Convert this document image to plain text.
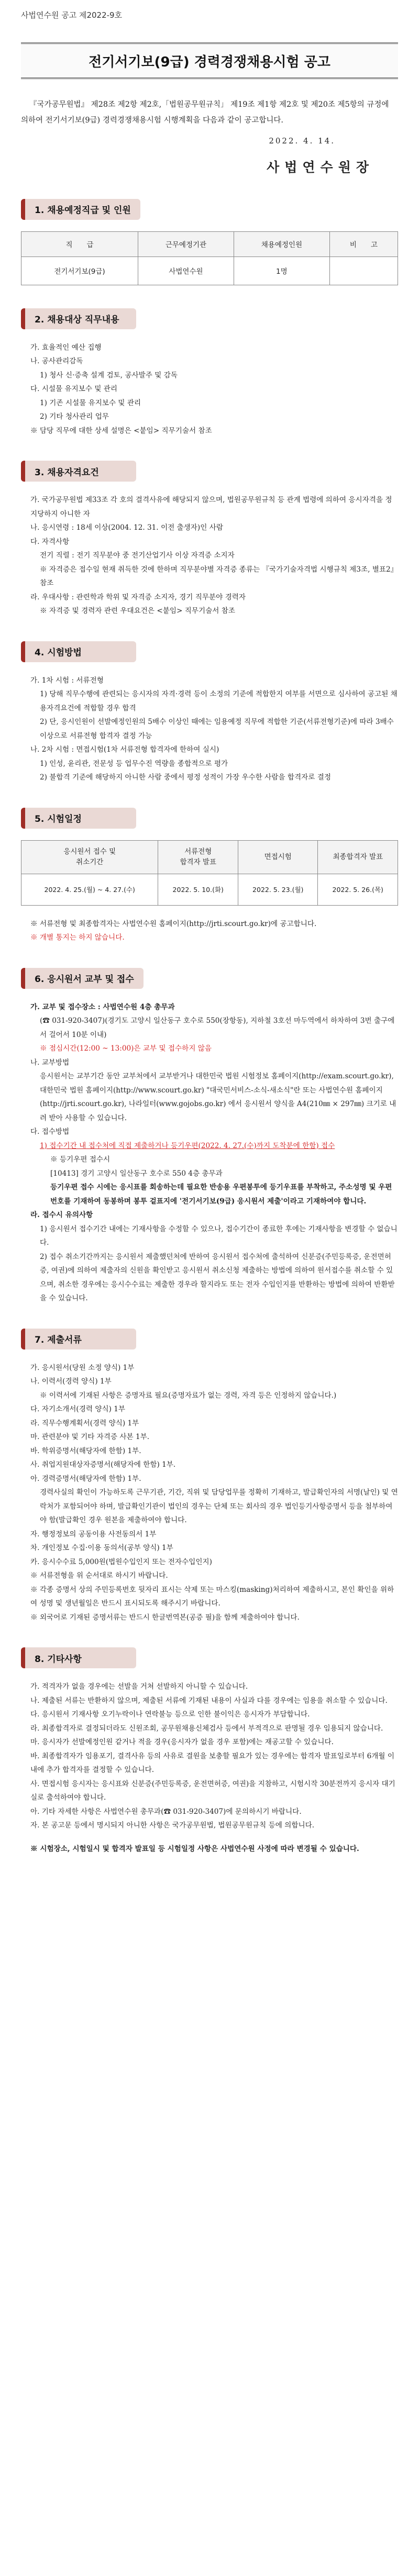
사법연수원 공고 제2022-9호
전기서기보(9급) 경력경쟁채용시험 공고

『국가공무원법』 제28조 제2항 제2호,「법원공무원규칙」 제19조 제1항 제2호 및 제20조 제5항의 규정에 의하여 전기서기보(9급) 경력경쟁채용시험 시행계획을 다음과 같이 공고합니다.

2022. 4. 14.
사법연수원장
1. 채용예정직급 및 인원
직　　급	근무예정기관	채용예정인원	비　　고
전기서기보(9급)	사법연수원	1명	
2. 채용대상 직무내용

가. 효율적인 예산 집행

나. 공사관리감독

1) 청사 신·증축 설계 검토, 공사발주 및 감독

다. 시설물 유지보수 및 관리

1) 기존 시설물 유지보수 및 관리

2) 기타 청사관리 업무

※ 담당 직무에 대한 상세 설명은 <붙임> 직무기술서 참조

3. 채용자격요건

가. 국가공무원법 제33조 각 호의 결격사유에 해당되지 않으며, 법원공무원규칙 등 관계 법령에 의하여 응시자격을 정지당하지 아니한 자

나. 응시연령 : 18세 이상(2004. 12. 31. 이전 출생자)인 사람

다. 자격사항

전기 직렬 : 전기 직무분야 중 전기산업기사 이상 자격증 소지자

※ 자격증은 접수일 현재 취득한 것에 한하며 직무분야별 자격증 종류는 『국가기술자격법 시행규칙 제3조, 별표2』 참조

라. 우대사항 : 관련학과 학위 및 자격증 소지자, 경기 직무분야 경력자

※ 자격증 및 경력자 관련 우대요건은 <붙임> 직무기술서 참조

4. 시험방법

가. 1차 시험 : 서류전형

1) 당해 직무수행에 관련되는 응시자의 자격·경력 등이 소정의 기준에 적합한지 여부를 서면으로 심사하여 공고된 채용자격요건에 적합할 경우 합격

2) 단, 응시인원이 선발예정인원의 5배수 이상인 때에는 임용예정 직무에 적합한 기준(서류전형기준)에 따라 3배수 이상으로 서류전형 합격자 결정 가능

나. 2차 시험 : 면접시험(1차 서류전형 합격자에 한하여 실시)

1) 인성, 윤리관, 전문성 등 업무수진 역량을 종합적으로 평가

2) 불합격 기준에 해당하지 아니한 사람 중에서 평정 성적이 가장 우수한 사람을 합격자로 결정

5. 시험일정
응시원서 접수 및
취소기간	서류전형
합격자 발표	면접시험	최종합격자 발표
2022. 4. 25.(월) ~ 4. 27.(수)	2022. 5. 10.(화)	2022. 5. 23.(월)	2022. 5. 26.(목)

※ 서류전형 및 최종합격자는 사법연수원 홈페이지(http://jrti.scourt.go.kr)에 공고합니다.

※ 개별 통지는 하지 않습니다.

6. 응시원서 교부 및 접수

가. 교부 및 접수장소 : 사법연수원 4층 총무과

(☎ 031-920-3407)(경기도 고양시 일산동구 호수로 550(장항동), 지하철 3호선 마두역에서 하차하여 3번 출구에서 걸어서 10분 이내)

※ 점심시간(12:00 ~ 13:00)은 교부 및 접수하지 않음

나. 교부방법

응시원서는 교부기간 동안 교부처에서 교부받거나 대한민국 법원 시험정보 홈페이지(http://exam.scourt.go.kr), 대한민국 법원 홈페이지(http://www.scourt.go.kr) "대국민서비스-소식-새소식"란 또는 사법연수원 홈페이지(http://jrti.scourt.go.kr), 나라일터(www.gojobs.go.kr) 에서 응시원서 양식을 A4(210㎜ × 297㎜) 크기로 내려 받아 사용할 수 있습니다.

다. 접수방법

1) 접수기간 내 접수처에 직접 제출하거나 등기우편(2022. 4. 27.(수)까지 도착분에 한함) 접수

※ 등기우편 접수시

[10413] 경기 고양시 일산동구 호수로 550 4층 총무과

등기우편 접수 시에는 응시표를 회송하는데 필요한 반송용 우편봉투에 등기우표를 부착하고, 주소성명 및 우편번호를 기재하여 동봉하며 봉투 겉표지에 '전기서기보(9급) 응시원서 제출'이라고 기재하여야 합니다.

라. 접수시 유의사항

1) 응시원서 접수기간 내에는 기재사항을 수정할 수 있으나, 접수기간이 종료한 후에는 기재사항을 변경할 수 없습니다.

2) 접수 취소기간까지는 응시원서 제출했던처에 반하여 응시원서 접수처에 출석하여 신분증(주민등록증, 운전면허증, 여권)에 의하여 제출자의 신원을 확인받고 응시원서 취소신청 제출하는 방법에 의하여 원서접수를 취소할 수 있으며, 취소한 경우에는 응시수수료는 제출한 경우라 할지라도 또는 전자 수입인지를 반환하는 방법에 의하여 반환받을 수 있습니다.

7. 제출서류

가. 응시원서(당원 소정 양식) 1부

나. 이력서(경력 양식) 1부

※ 이력서에 기재된 사항은 증명자료 필요(증명자료가 없는 경력, 자격 등은 인정하지 않습니다.)

다. 자기소개서(경력 양식) 1부

라. 직무수행계획서(경력 양식) 1부

마. 관련분야 및 기타 자격증 사본 1부.

바. 학위증명서(해당자에 한함) 1부.

사. 취업지원대상자증명서(해당자에 한함) 1부.

아. 경력증명서(해당자에 한함) 1부.

경력사실의 확인이 가능하도록 근무기관, 기간, 직위 및 담당업무를 정확히 기재하고, 발급확인자의 서명(날인) 및 연락처가 포함되어야 하며, 발급확인기관이 법인의 경우는 단체 또는 회사의 경우 법인등기사항증명서 등을 첨부하여야 함(발급확인 경우 원본을 제출하여야 합니다.

자. 행정정보의 공동이용 사전동의서 1부

차. 개인정보 수집·이용 동의서(공부 양식) 1부

카. 응시수수료 5,000원(법원수입인지 또는 전자수입인지)

※ 서류전형을 위 순서대로 하시기 바랍니다.

※ 각종 증명서 상의 주민등록번호 뒷자리 표시는 삭제 또는 마스킹(masking)처리하여 제출하시고, 본인 확인을 위하여 성명 및 생년월일은 반드시 표시되도록 해주시기 바랍니다.

※ 외국어로 기재된 증명서류는 반드시 한글번역본(공증 필)을 함께 제출하여야 합니다.

8. 기타사항

가. 적격자가 없을 경우에는 선발을 거쳐 선발하지 아니할 수 있습니다.

나. 제출된 서류는 반환하지 않으며, 제출된 서류에 기재된 내용이 사실과 다를 경우에는 임용을 취소할 수 있습니다.

다. 응시원서 기재사항 오기누락이나 연락불능 등으로 인한 불이익은 응시자가 부담합니다.

라. 최종합격자로 결정되더라도 신원조회, 공무원채용신체검사 등에서 부적격으로 판명될 경우 임용되지 않습니다.

마. 응시자가 선발예정인원 같거나 적을 경우(응시자가 없을 경우 포함)에는 재공고할 수 있습니다.

바. 최종합격자가 임용포기, 결격사유 등의 사유로 결원을 보충할 필요가 있는 경우에는 합격자 발표일로부터 6개월 이내에 추가 합격자를 결정할 수 있습니다.

사. 면접시험 응시자는 응시표와 신분증(주민등록증, 운전면허증, 여권)을 지참하고, 시험시작 30분전까지 응시자 대기실로 출석하여야 합니다.

아. 기타 자세한 사항은 사법연수원 총무과(☎ 031-920-3407)에 문의하시기 바랍니다.

자. 본 공고문 등에서 명시되지 아니한 사항은 국가공무원법, 법원공무원규칙 등에 의합니다.

※ 시험장소, 시험일시 및 합격자 발표일 등 시험일정 사항은 사법연수원 사정에 따라 변경될 수 있습니다.
